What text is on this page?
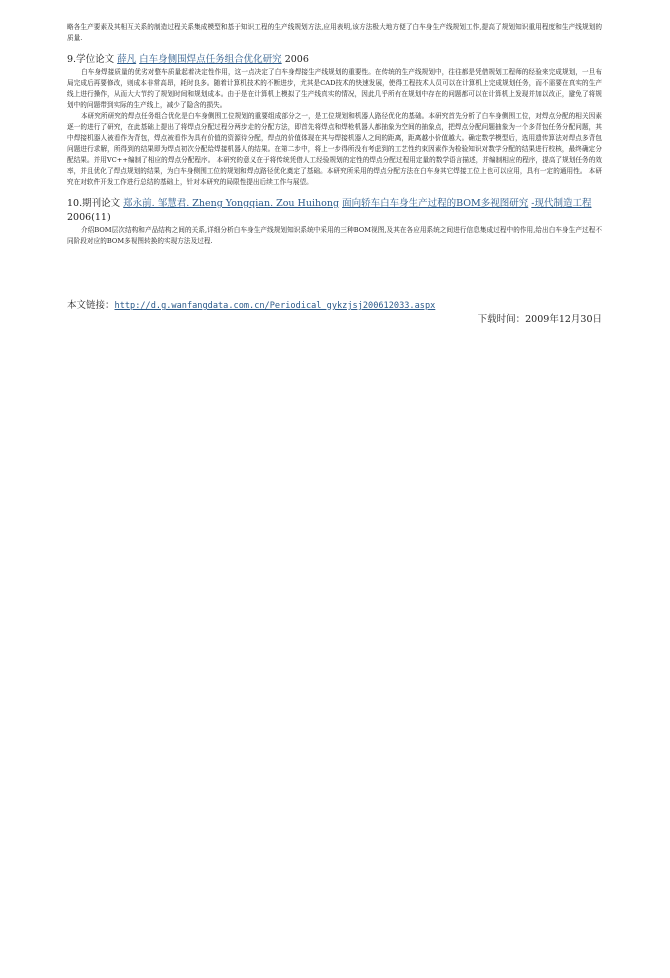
略各生产要素及其相互关系的制造过程关系集成模型和基于知识工程的生产线规划方法,应用表明,该方法极大地方便了白车身生产线规划工作,提高了规划知识重用程度和生产线规划的质量.

9.学位论文 薛凡 白车身侧围焊点任务组合优化研究 2006

白车身焊接质量的优劣对整车质量起着决定性作用，这一点决定了白车身焊接生产线规划的重要性。在传统的生产线规划中，往往都是凭借规划工程师的经验来完成规划，一旦布局完成后再要修改，则成本非常高昂，耗时良多。随着计算机技术的不断进步，尤其是CAD技术的快速发展，使得工程技术人员可以在计算机上完成规划任务，而不需要在真实的生产线上进行操作，从而大大节约了规划时间和规划成本。由于是在计算机上模拟了生产线真实的情况，因此几乎所有在规划中存在的问题都可以在计算机上发现并加以改正，避免了将规划中的问题带到实际的生产线上，减少了隐含的损失。

本研究所研究的焊点任务组合优化是白车身侧围工位规划的重要组成部分之一，是工位规划和机器人路径优化的基础。本研究首先分析了白车身侧围工位，对焊点分配的相关因素逐一的进行了研究，在此基础上提出了将焊点分配过程分两步走的分配方法，即首先将焊点和焊枪机器人都抽象为空间的抽象点，把焊点分配问题抽象为一个多背包任务分配问题，其中焊接机器人被看作为背包，焊点被看作为具有价值的资源待分配，焊点的价值体现在其与焊接机器人之间的距离，距离越小价值越大。确定数学模型后，选用遗传算法对焊点多背包问题进行求解，所得到的结果即为焊点初次分配给焊接机器人的结果。在第二步中，将上一步得所没有考虑到的工艺性约束因素作为检验知识对数学分配的结果进行校核，最终确定分配结果。并用VC++编制了相应的焊点分配程序。 本研究的意义在于将传统凭借人工经验规划的定性的焊点分配过程用定量的数学语言描述，并编制相应的程序，提高了规划任务的效率，并且优化了焊点规划的结果，为白车身侧围工位的规划和焊点路径优化奠定了基础。本研究所采用的焊点分配方法在白车身其它焊接工位上也可以应用，具有一定的通用性。 本研究在对软件开发工作进行总结的基础上，针对本研究的局限性提出后续工作与展望。

10.期刊论文 郑永前. 邹慧君. Zheng Yongqian. Zou Huihong 面向轿车白车身生产过程的BOM多视图研究 -现代制造工程2006(11)

介绍BOM层次结构和产品结构之间的关系,详细分析白车身生产线规划知识系统中采用的三种BOM视图,及其在各应用系统之间进行信息集成过程中的作用,给出白车身生产过程不同阶段对应的BOM多视图转换的实现方法及过程.

本文链接：http://d.g.wanfangdata.com.cn/Periodical_gykzjsj200612033.aspx
下载时间：2009年12月30日
